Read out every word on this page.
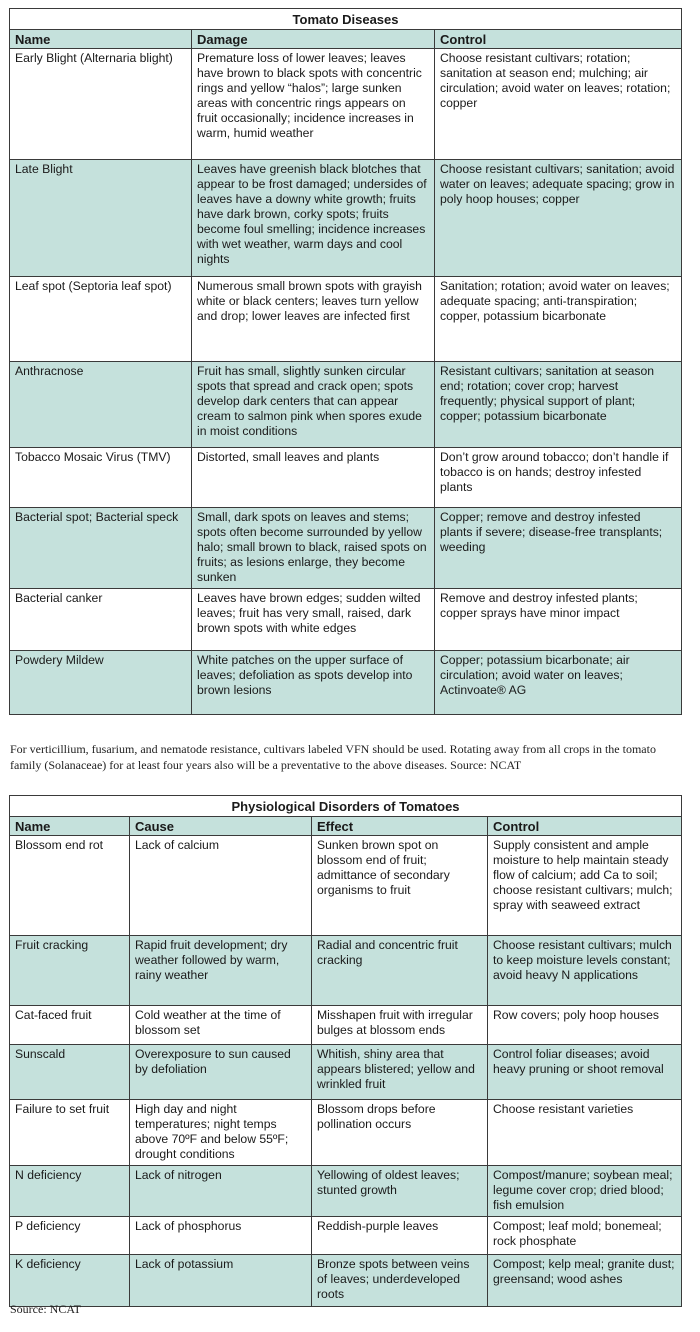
Tomato Diseases		
Name	Damage	Control
Early Blight (Alternaria blight)	Premature loss of lower leaves; leaves have brown to black spots with concentric rings and yellow “halos”; large sunken areas with concentric rings appears on fruit occasionally; incidence increases in warm, humid weather	Choose resistant cultivars; rotation; sanitation at season end; mulching; air circulation; avoid water on leaves; rotation; copper
Late Blight	Leaves have greenish black blotches that appear to be frost damaged; undersides of leaves have a downy white growth; fruits have dark brown, corky spots; fruits become foul smelling; incidence increases with wet weather, warm days and cool nights	Choose resistant cultivars; sanitation; avoid water on leaves; adequate spacing; grow in poly hoop houses; copper
Leaf spot (Septoria leaf spot)	Numerous small brown spots with grayish white or black centers; leaves turn yellow and drop; lower leaves are infected first	Sanitation; rotation; avoid water on leaves; adequate spacing; anti-transpiration; copper, potassium bicarbonate
Anthracnose	Fruit has small, slightly sunken circular spots that spread and crack open; spots develop dark centers that can appear cream to salmon pink when spores exude in moist conditions	Resistant cultivars; sanitation at season end; rotation; cover crop; harvest frequently; physical support of plant; copper; potassium bicarbonate
Tobacco Mosaic Virus (TMV)	Distorted, small leaves and plants	Don’t grow around tobacco; don’t handle if tobacco is on hands; destroy infested plants
Bacterial spot; Bacterial speck	Small, dark spots on leaves and stems; spots often become surrounded by yellow halo; small brown to black, raised spots on fruits; as lesions enlarge, they become sunken	Copper; remove and destroy infested plants if severe; disease-free transplants; weeding
Bacterial canker	Leaves have brown edges; sudden wilted leaves; fruit has very small, raised, dark brown spots with white edges	Remove and destroy infested plants; copper sprays have minor impact
Powdery Mildew	White patches on the upper surface of leaves; defoliation as spots develop into brown lesions	Copper; potassium bicarbonate; air circulation; avoid water on leaves; Actinvoate® AG

For verticillium, fusarium, and nematode resistance, cultivars labeled VFN should be used. Rotating away from all crops in the tomato family (Solanaceae) for at least four years also will be a preventative to the above diseases. Source: NCAT

Physiological Disorders of Tomatoes			
Name	Cause	Effect	Control
Blossom end rot	Lack of calcium	Sunken brown spot on blossom end of fruit; admittance of secondary organisms to fruit	Supply consistent and ample moisture to help maintain steady flow of calcium; add Ca to soil; choose resistant cultivars; mulch; spray with seaweed extract
Fruit cracking	Rapid fruit development; dry weather followed by warm, rainy weather	Radial and concentric fruit cracking	Choose resistant cultivars; mulch to keep moisture levels constant; avoid heavy N applications
Cat-faced fruit	Cold weather at the time of blossom set	Misshapen fruit with irregular bulges at blossom ends	Row covers; poly hoop houses
Sunscald	Overexposure to sun caused by defoliation	Whitish, shiny area that appears blistered; yellow and wrinkled fruit	Control foliar diseases; avoid heavy pruning or shoot removal
Failure to set fruit	High day and night temperatures; night temps above 70ºF and below 55ºF; drought conditions	Blossom drops before pollination occurs	Choose resistant varieties
N deficiency	Lack of nitrogen	Yellowing of oldest leaves; stunted growth	Compost/manure; soybean meal; legume cover crop; dried blood; fish emulsion
P deficiency	Lack of phosphorus	Reddish-purple leaves	Compost; leaf mold; bonemeal; rock phosphate
K deficiency	Lack of potassium	Bronze spots between veins of leaves; underdeveloped roots	Compost; kelp meal; granite dust; greensand; wood ashes

Source: NCAT
